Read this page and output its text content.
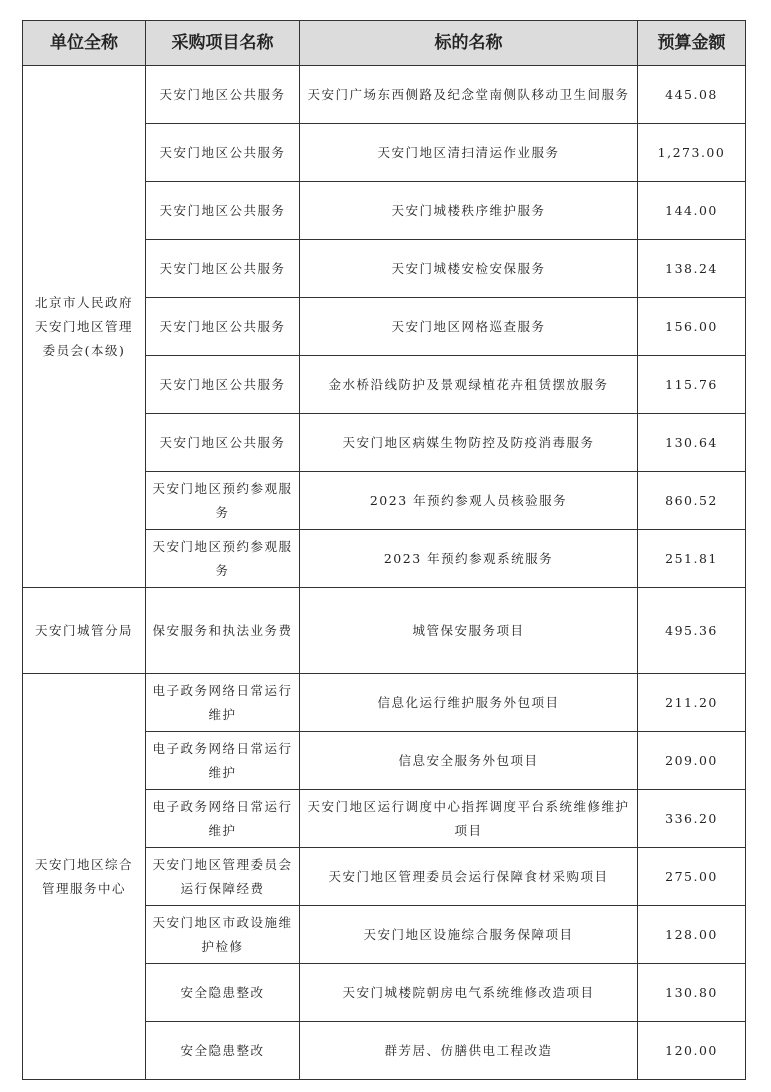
单位全称	采购项目名称	标的名称	预算金额
北京市人民政府天安门地区管理委员会(本级)	天安门地区公共服务	天安门广场东西侧路及纪念堂南侧队移动卫生间服务	445.08
	天安门地区公共服务	天安门地区清扫清运作业服务	1,273.00
	天安门地区公共服务	天安门城楼秩序维护服务	144.00
	天安门地区公共服务	天安门城楼安检安保服务	138.24
	天安门地区公共服务	天安门地区网格巡查服务	156.00
	天安门地区公共服务	金水桥沿线防护及景观绿植花卉租赁摆放服务	115.76
	天安门地区公共服务	天安门地区病媒生物防控及防疫消毒服务	130.64
	天安门地区预约参观服务	2023 年预约参观人员核验服务	860.52
	天安门地区预约参观服务	2023 年预约参观系统服务	251.81
天安门城管分局	保安服务和执法业务费	城管保安服务项目	495.36
天安门地区综合管理服务中心	电子政务网络日常运行维护	信息化运行维护服务外包项目	211.20
	电子政务网络日常运行维护	信息安全服务外包项目	209.00
	电子政务网络日常运行维护	天安门地区运行调度中心指挥调度平台系统维修维护项目	336.20
	天安门地区管理委员会运行保障经费	天安门地区管理委员会运行保障食材采购项目	275.00
	天安门地区市政设施维护检修	天安门地区设施综合服务保障项目	128.00
	安全隐患整改	天安门城楼院朝房电气系统维修改造项目	130.80
	安全隐患整改	群芳居、仿膳供电工程改造	120.00
